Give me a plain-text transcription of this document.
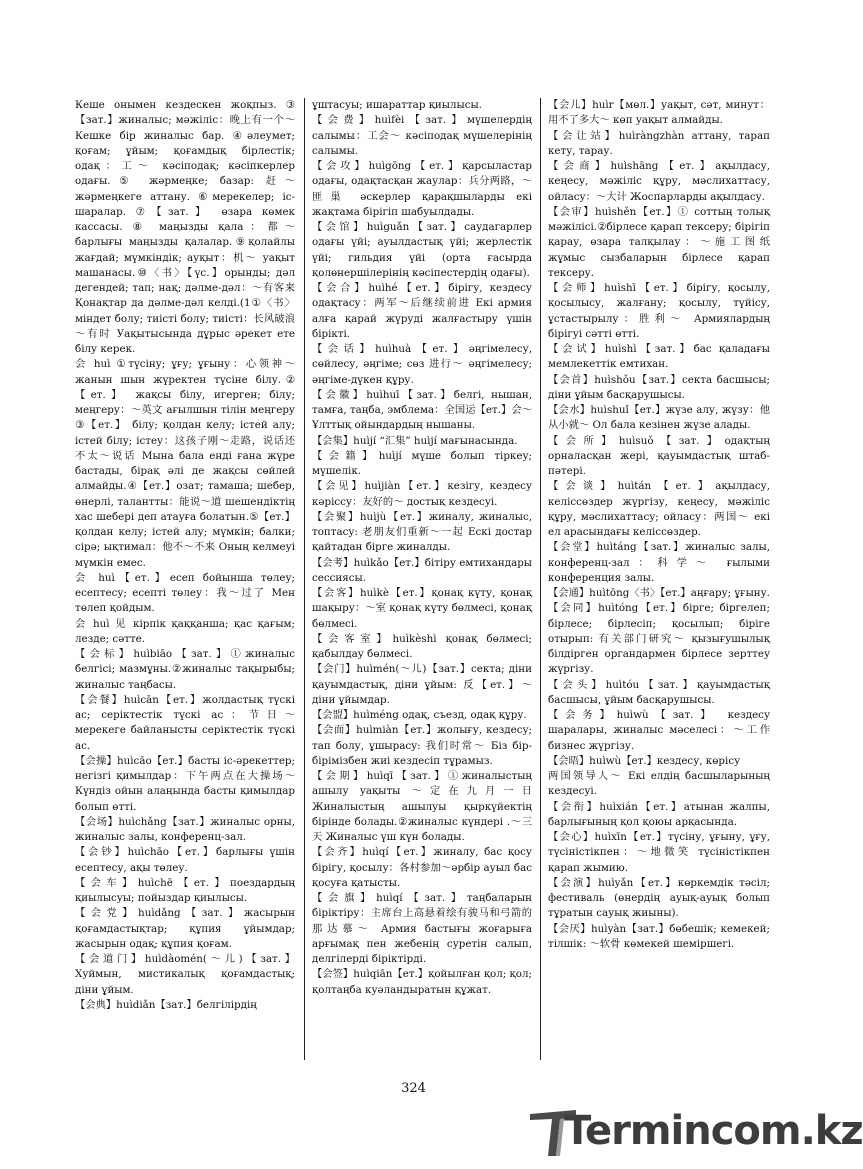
Кеше онымен кездескен жоқпыз. ③【зат.】жиналыс; мәжіліс：晚上有一个～ Кешке бір жиналыс бар. ④әлеумет; қоғам; ұйым; қоғамдық бірлестік; одақ：工～ кәсіподақ; кәсіпкерлер одағы.⑤ жәрмеңке; базар: 赶～ жәрмеңкеге аттану. ⑥мерекелер; іс-шаралар. ⑦【зат.】 өзара көмек кассасы. ⑧ маңызды қала：都～ барлығы маңызды қалалар.⑨қолайлы жағдай; мүмкіндік; ауқыт：机～ уақыт машанасы.⑩〈书〉【үс.】орынды; дәл дегендей; тап; нақ; дәлме-дәл：～有客来 Қонақтар да дәлме-дәл келді.(1①〈书〉 міндет болу; тиісті болу; тиісті：长风破浪～有时 Уақытысында дұрыс әрекет ете білу керек.

会 huì ①түсіну; ұғу; ұғыну：心领神～ жанын шын жүректен түсіне білу.②【ет.】 жақсы білу, игерген; білу; меңгеру：～英文 ағылшын тілін меңгеру ③【ет.】 білу; қолдан келу; істей алу; істей білу; істеу：这孩子刚～走路，说话还不太～说话 Мына бала енді ғана жүре бастады, бірақ әлі де жақсы сөйлей алмайды.④【ет.】озат; тамаша; шебер, өнерлі, талантты：能说～道 шешендіктің хас шебері деп атауға болатын.⑤【ет.】қолдан келу; істей алу; мүмкін; балки; сірә; ықтимал：他不～不来 Оның келмеуі мүмкін емес.

会 huì【ет.】есеп бойынша төлеу; есептесу; есепті төлеу：我～过了 Мен төлеп қойдым.

会 huì 见 кірпік қаққанша; қас қағым; лезде; сәтте.

【会标】huìbiāo【зат.】①жиналыс белгісі; мазмұны.②жиналыс тақырыбы; жиналыс таңбасы.

【会餐】huìcān【ет.】жолдастық түскі ас; серіктестік түскі ас：节日～ мерекеге байланысты серіктестік түскі ас.

【会操】huìcāo【ет.】басты іс-әрекеттер; негізгі қимылдар：下午两点在大操场～ Күндіз ойын алаңында басты қимылдар болып өтті.

【会场】huìchǎng【зат.】жиналыс орны, жиналыс залы, конференц-зал.

【会钞】huìchāo【ет.】барлығы үшін есептесу, ақы төлеу.

【会车】huìchē【ет.】поездардың қиылысуы; пойыздар қиылысы.

【会党】huìdǎng【зат.】жасырын қоғамдастықтар; құпия ұйымдар; жасырын одақ; құпия қоғам.

【会道门】huìdàomén(～儿)【зат.】Хуймын, мистикалық қоғамдастық; діни ұйым.

【会典】huìdiǎn【зат.】белгілірдің

ұштасуы; ишараттар қиылысы.

【会费】huìfèi【зат.】мүшелердің салымы：工会～ кәсіподақ мүшелерінің салымы.

【会攻】huìgōng【ет.】қарсыластар одағы, одақтасқан жаулар：兵分两路，～匪巢 әскерлер қарақшыларды екі жақтама бірігіп шабуылдады.

【会馆】huìguǎn【зат.】саудагарлер одағы үйі; ауылдастық үйі; жерлестік үйі; гильдия үйі (орта ғасырда қолөнершілерінің кәсіпестердің одағы).

【会合】huìhé【ет.】бірігу, кездесу одақтасу：两军～后继续前进 Екі армия алға қарай жүруді жалғастыру үшін бірікті.

【会话】huìhuà【ет.】әңгімелесу, сөйлесу, әңгіме; сөз 进行～ әңгімелесу; әңгіме-дүкен құру.

【会徽】huìhuī【зат.】белгі, нышан, тамға, таңба, эмблема：全国运【ет.】会～ Ұлттық ойындардың нышаны.

【会集】huìjí “汇集” huìjí мағынасында.

【会籍】huìjí мүше болып тіркеу; мүшелік.

【会见】huìjiàn【ет.】кезігу, кездесу кәріссу：友好的～ достық кездесуі.

【会聚】huìjù【ет.】жиналу, жиналыс, топтасу: 老朋友们重新～一起 Ескі достар қайтадан бірге жиналды.

【会考】huìkǎo【ет.】бітіру емтихандары сессиясы.

【会客】huìkè【ет.】қонақ күту, қонақ шақыру：～室 қонақ күту бөлмесі, қонақ бөлмесі.

【会客室】huìkèshì қонақ бөлмесі; қабылдау бөлмесі.

【会门】huìmén(～儿)【зат.】секта; діни қауымдастық, діни ұйым: 反【ет.】～ діни ұйымдар.

【会盟】huìméng одақ, съезд, одақ құру.

【会面】huìmiàn【ет.】жолығу, кездесу; тап болу, ұшырасу: 我们时常～ Біз бір-бірімізбен жиі кездесіп тұрамыз.

【会期】huìqī【зат.】①жиналыстың ашылу уақыты ～定在九月一日 Жиналыстың ашылуы қыркүйектің бірінде болады.②жиналыс күндері .～三天 Жиналыс үш күн болады.

【会齐】huìqí【ет.】жиналу, бас қосу бірігу, қосылу：各村参加～әрбір ауыл бас қосуға қатысты.

【会旗】huìqí【зат.】таңбаларын біріктіру：主席台上高悬着绘有骏马和弓箭的那达慕～ Армия бастығы жоғарыға арғымақ пен жебенің суретін салып, делгілерді біріктірді.

【会签】huìqiān【ет.】қойылған қол; қол; қолтаңба куәландыратын құжат.

【会儿】huìr【мөл.】уақыт, сәт, минут：用不了多大～ көп уақыт алмайды.

【会让站】huìràngzhàn аттану, тарап кету, тарау.

【会商】huìshāng【ет.】ақылдасу, кеңесу, мәжіліс құру, мәслихаттасу, ойласу：～大计 Жоспарларды ақылдасу.

【会审】huìshěn【ет.】① соттың толық мәжілісі.②бірлесе қарап тексеру; бірігіп қарау, өзара талқылау：～施工图纸 жұмыс сызбаларын бірлесе қарап тексеру.

【会师】huìshī【ет.】бірігу, қосылу, қосылысу, жалғану; қосылу, түйісу, ұстастырылу：胜利～ Армиялардың бірігуі сәтті өтті.

【会试】huìshì【зат.】бас қаладағы мемлекеттік емтихан.

【会首】huìshǒu【зат.】секта басшысы; діни ұйым басқарушысы.

【会水】huìshuǐ【ет.】жүзе алу, жүзу：他从小就～ Ол бала кезінен жүзе алады.

【会所】huìsuǒ【зат.】одақтың орналасқан жері, қауымдастық штаб-пәтері.

【会谈】huìtán【ет.】ақылдасу, келіссөздер жүргізу, кеңесу, мәжіліс құру, мәслихаттасу; ойласу：两国～ екі ел арасындағы келіссөздер.

【会堂】huìtáng【зат.】жиналыс залы, конференц-зал：科学～ ғылыми конференция залы.

【会通】huìtōng〈书〉【ет.】аңғару; ұғыну.

【会同】huìtóng【ет.】бірге; біргелеп; бірлесе; бірлесіп; қосылып; біріге отырып: 有关部门研究～ қызығушылық білдірген органдармен бірлесе зерттеу жүргізу.

【会头】huìtóu【зат.】қауымдастық басшысы, ұйым басқарушысы.

【会务】huìwù【зат.】 кездесу шаралары, жиналыс мәселесі：～工作 бизнес жүргізу.

【会晤】huìwù【ет.】кездесу, көрісу

两国领导人～ Екі елдің басшыларының кездесуі.

【会衔】huìxián【ет.】атынан жалпы, барлығының қол қоюы арқасында.

【会心】huìxīn【ет.】түсіну, ұғыну, ұғу, түсіністікпен：～地微笑 түсіністікпен қарап жымию.

【会演】huìyǎn【ет.】көркемдік тәсіл; фестиваль (өнердің ауық-ауық болып тұратын сауық жиыны).

【会厌】huìyàn【зат.】бөбешік; кемекей; тілшік: ～软骨 көмекей шеміршегі.

324
Termincom.kz
